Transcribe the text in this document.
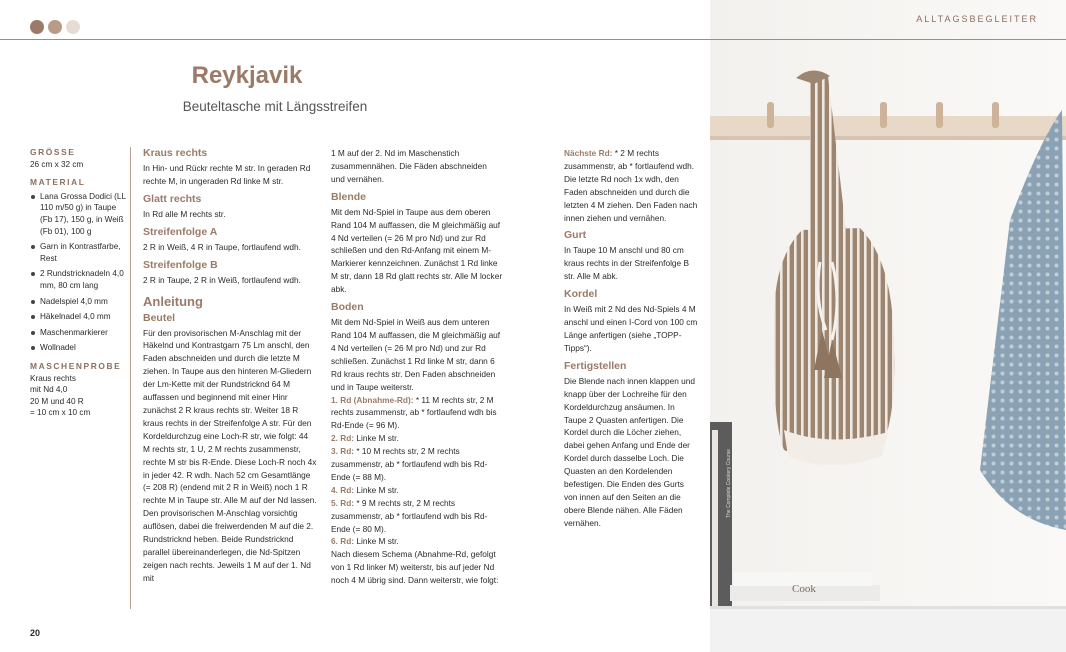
Reykjavik
Beuteltasche mit Längsstreifen
GRÖSSE
26 cm x 32 cm
MATERIAL
Lana Grossa Dodici (LL 110 m/50 g) in Taupe (Fb 17), 150 g, in Weiß (Fb 01), 100 g
Garn in Kontrastfarbe, Rest
2 Rundstricknadeln 4,0 mm, 80 cm lang
Nadelspiel 4,0 mm
Häkelnadel 4,0 mm
Maschenmarkierer
Wollnadel
MASCHENPROBE
Kraus rechts
mit Nd 4,0
20 M und 40 R
= 10 cm x 10 cm
Kraus rechts

In Hin- und Rückr rechte M str. In geraden Rd rechte M, in ungeraden Rd linke M str.

Glatt rechts

In Rd alle M rechts str.

Streifenfolge A

2 R in Weiß, 4 R in Taupe, fortlaufend wdh.

Streifenfolge B

2 R in Taupe, 2 R in Weiß, fortlaufend wdh.

Anleitung
Beutel

Für den provisorischen M-Anschlag mit der Häkelnd und Kontrastgarn 75 Lm anschl, den Faden abschneiden und durch die letzte M ziehen. In Taupe aus den hinteren M-Gliedern der Lm-Kette mit der Rundstricknd 64 M auffassen und beginnend mit einer Hinr zunächst 2 R kraus rechts str. Weiter 18 R kraus rechts in der Streifenfolge A str. Für den Kordeldurchzug eine Loch-R str, wie folgt: 44 M rechts str, 1 U, 2 M rechts zusammenstr, rechte M str bis R-Ende. Diese Loch-R noch 4x in jeder 42. R wdh. Nach 52 cm Gesamtlänge (= 208 R) (endend mit 2 R in Weiß) noch 1 R rechte M in Taupe str. Alle M auf der Nd lassen. Den provisorischen M-Anschlag vorsichtig auflösen, dabei die freiwerdenden M auf die 2. Rundstricknd heben. Beide Rundstricknd parallel übereinanderlegen, die Nd-Spitzen zeigen nach rechts. Jeweils 1 M auf der 1. Nd mit

1 M auf der 2. Nd im Maschenstich zusammennähen. Die Fäden abschneiden und vernähen.

Blende

Mit dem Nd-Spiel in Taupe aus dem oberen Rand 104 M auffassen, die M gleichmäßig auf 4 Nd verteilen (= 26 M pro Nd) und zur Rd schließen und den Rd-Anfang mit einem M-Markierer kennzeichnen. Zunächst 1 Rd linke M str, dann 18 Rd glatt rechts str. Alle M locker abk.

Boden

Mit dem Nd-Spiel in Weiß aus dem unteren Rand 104 M auffassen, die M gleichmäßig auf 4 Nd verteilen (= 26 M pro Nd) und zur Rd schließen. Zunächst 1 Rd linke M str, dann 6 Rd kraus rechts str. Den Faden abschneiden und in Taupe weiterstr.

1. Rd (Abnahme-Rd): * 11 M rechts str, 2 M rechts zusammenstr, ab * fortlaufend wdh bis Rd-Ende (= 96 M).

2. Rd: Linke M str.

3. Rd: * 10 M rechts str, 2 M rechts zusammenstr, ab * fortlaufend wdh bis Rd-Ende (= 88 M).

4. Rd: Linke M str.

5. Rd: * 9 M rechts str, 2 M rechts zusammenstr, ab * fortlaufend wdh bis Rd-Ende (= 80 M).

6. Rd: Linke M str.

Nach diesem Schema (Abnahme-Rd, gefolgt von 1 Rd linker M) weiterstr, bis auf jeder Nd noch 4 M übrig sind. Dann weiterstr, wie folgt:

Nächste Rd: * 2 M rechts zusammenstr, ab * fortlaufend wdh. Die letzte Rd noch 1x wdh, den Faden abschneiden und durch die letzten 4 M ziehen. Den Faden nach innen ziehen und vernähen.

Gurt

In Taupe 10 M anschl und 80 cm kraus rechts in der Streifenfolge B str. Alle M abk.

Kordel

In Weiß mit 2 Nd des Nd-Spiels 4 M anschl und einen I-Cord von 100 cm Länge anfertigen (siehe „TOPP-Tipps“).

Fertigstellen

Die Blende nach innen klappen und knapp über der Lochreihe für den Kordeldurchzug ansäumen. In Taupe 2 Quasten anfertigen. Die Kordel durch die Löcher ziehen, dabei gehen Anfang und Ende der Kordel durch dasselbe Loch. Die Quasten an den Kordelenden befestigen. Die Enden des Gurts von innen auf den Seiten an die obere Blende nähen. Alle Fäden vernähen.

20
Cook
The Complete Cookery Course
ALLTAGSBEGLEITER
